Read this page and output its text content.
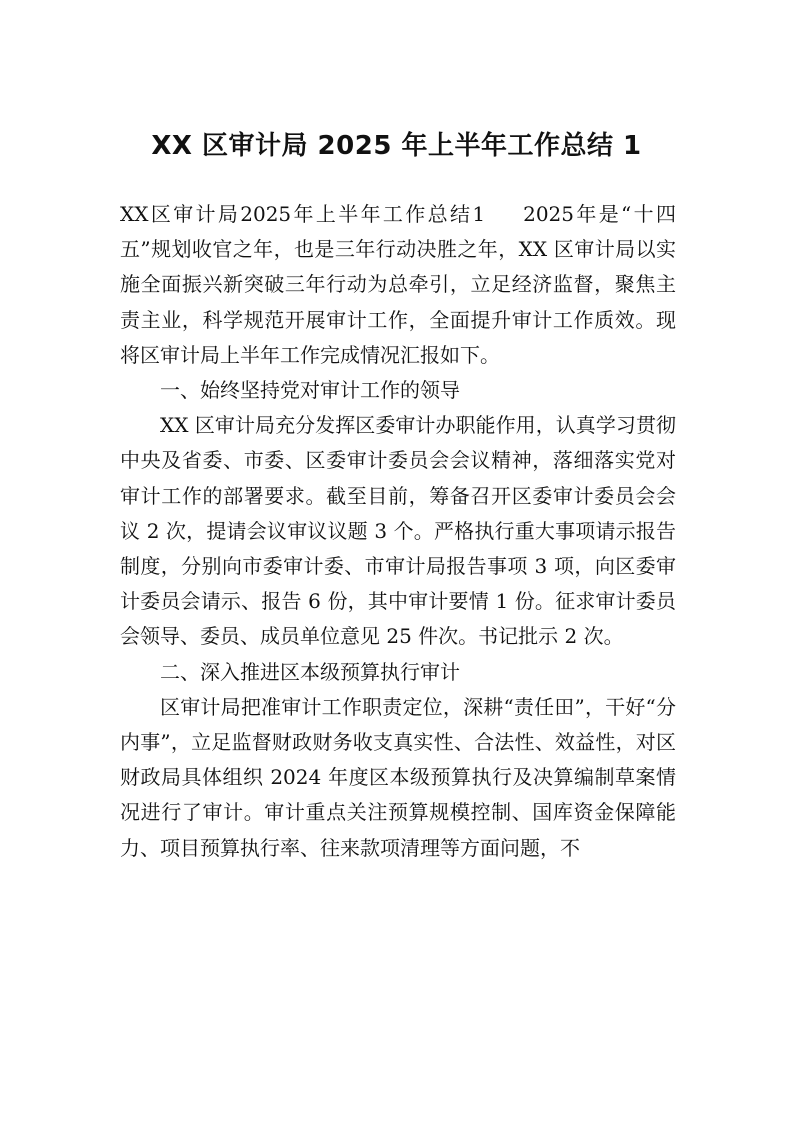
XX 区审计局 2025 年上半年工作总结 1

XX区审计局2025年上半年工作总结1 2025年是“十四五”规划收官之年，也是三年行动决胜之年，XX 区审计局以实施全面振兴新突破三年行动为总牵引，立足经济监督，聚焦主责主业，科学规范开展审计工作，全面提升审计工作质效。现将区审计局上半年工作完成情况汇报如下。

一、始终坚持党对审计工作的领导

XX 区审计局充分发挥区委审计办职能作用，认真学习贯彻中央及省委、市委、区委审计委员会会议精神，落细落实党对审计工作的部署要求。截至目前，筹备召开区委审计委员会会议 2 次，提请会议审议议题 3 个。严格执行重大事项请示报告制度，分别向市委审计委、市审计局报告事项 3 项，向区委审计委员会请示、报告 6 份，其中审计要情 1 份。征求审计委员会领导、委员、成员单位意见 25 件次。书记批示 2 次。

二、深入推进区本级预算执行审计

区审计局把准审计工作职责定位，深耕“责任田”，干好“分内事”，立足监督财政财务收支真实性、合法性、效益性，对区财政局具体组织 2024 年度区本级预算执行及决算编制草案情况进行了审计。审计重点关注预算规模控制、国库资金保障能力、项目预算执行率、往来款项清理等方面问题，不
